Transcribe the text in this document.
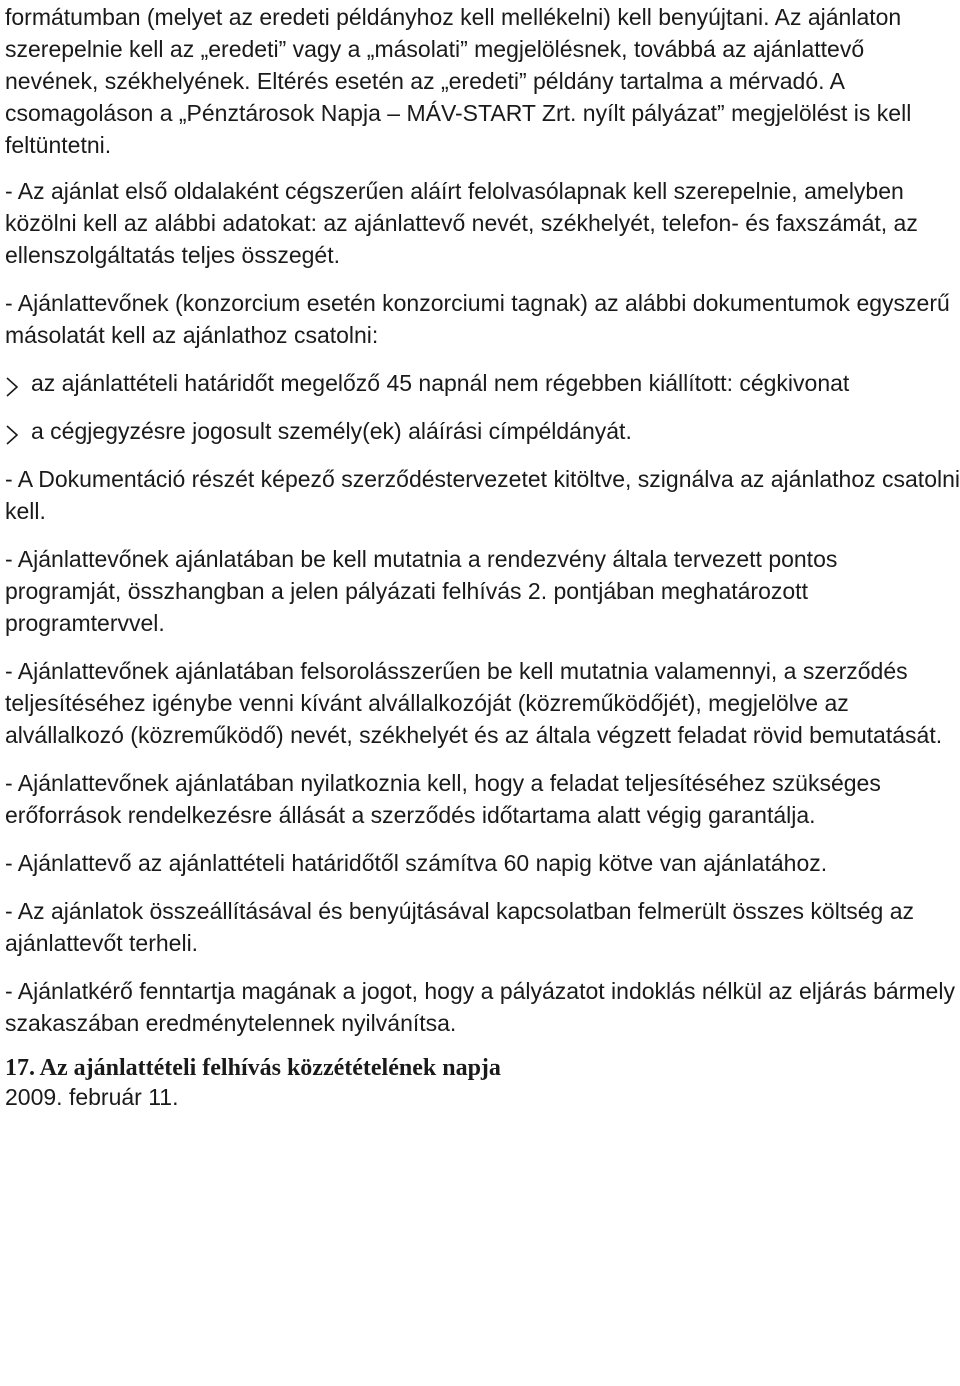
formátumban (melyet az eredeti példányhoz kell mellékelni) kell benyújtani. Az ajánlaton szerepelnie kell az „eredeti” vagy a „másolati” megjelölésnek, továbbá az ajánlattevő nevének, székhelyének. Eltérés esetén az „eredeti” példány tartalma a mérvadó. A csomagoláson a „Pénztárosok Napja – MÁV-START Zrt. nyílt pályázat” megjelölést is kell feltüntetni.

- Az ajánlat első oldalaként cégszerűen aláírt felolvasólapnak kell szerepelnie, amelyben közölni kell az alábbi adatokat: az ajánlattevő nevét, székhelyét, telefon- és faxszámát, az ellenszolgáltatás teljes összegét.

- Ajánlattevőnek (konzorcium esetén konzorciumi tagnak) az alábbi dokumentumok egyszerű másolatát kell az ajánlathoz csatolni:

az ajánlattételi határidőt megelőző 45 napnál nem régebben kiállított: cégkivonat
a cégjegyzésre jogosult személy(ek) aláírási címpéldányát.

- A Dokumentáció részét képező szerződéstervezetet kitöltve, szignálva az ajánlathoz csatolni kell.

- Ajánlattevőnek ajánlatában be kell mutatnia a rendezvény általa tervezett pontos programját, összhangban a jelen pályázati felhívás 2. pontjában meghatározott programtervvel.

- Ajánlattevőnek ajánlatában felsorolásszerűen be kell mutatnia valamennyi, a szerződés teljesítéséhez igénybe venni kívánt alvállalkozóját (közreműködőjét), megjelölve az alvállalkozó (közreműködő) nevét, székhelyét és az általa végzett feladat rövid bemutatását.

- Ajánlattevőnek ajánlatában nyilatkoznia kell, hogy a feladat teljesítéséhez szükséges erőforrások rendelkezésre állását a szerződés időtartama alatt végig garantálja.

- Ajánlattevő az ajánlattételi határidőtől számítva 60 napig kötve van ajánlatához.

- Az ajánlatok összeállításával és benyújtásával kapcsolatban felmerült összes költség az ajánlattevőt terheli.

- Ajánlatkérő fenntartja magának a jogot, hogy a pályázatot indoklás nélkül az eljárás bármely szakaszában eredménytelennek nyilvánítsa.

17. Az ajánlattételi felhívás közzétételének napja
2009. február 11.
